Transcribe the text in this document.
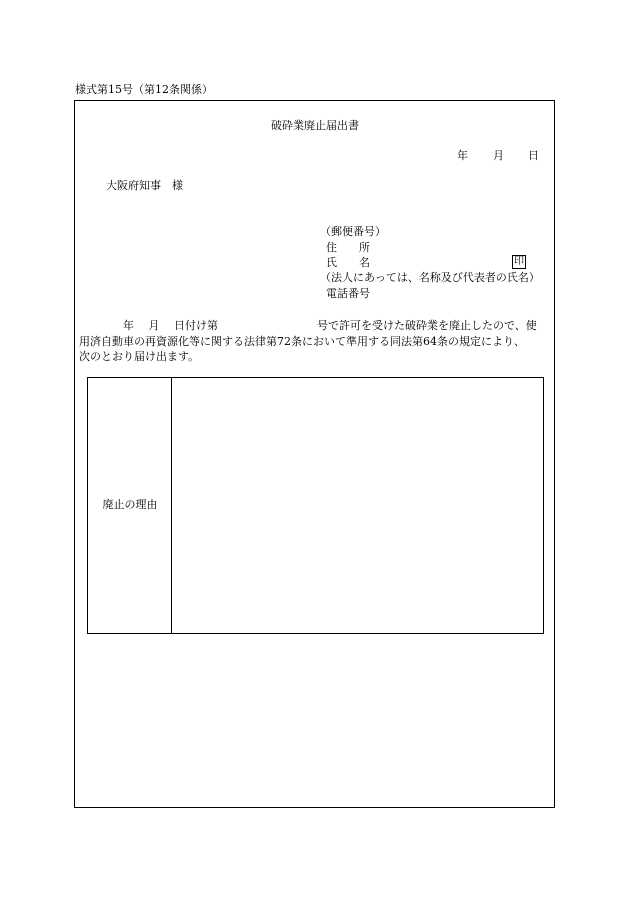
様式第15号（第12条関係）
破砕業廃止届出書
年 月 日
大阪府知事　様
（郵便番号）
住　　所
氏　　名	印
（法人にあっては、名称及び代表者の氏名）
電話番号
　　　　年　 月　 日付け第　　　　　　　　　号で許可を受けた破砕業を廃止したので、使
用済自動車の再資源化等に関する法律第72条において準用する同法第64条の規定により、
次のとおり届け出ます。
廃止の理由
